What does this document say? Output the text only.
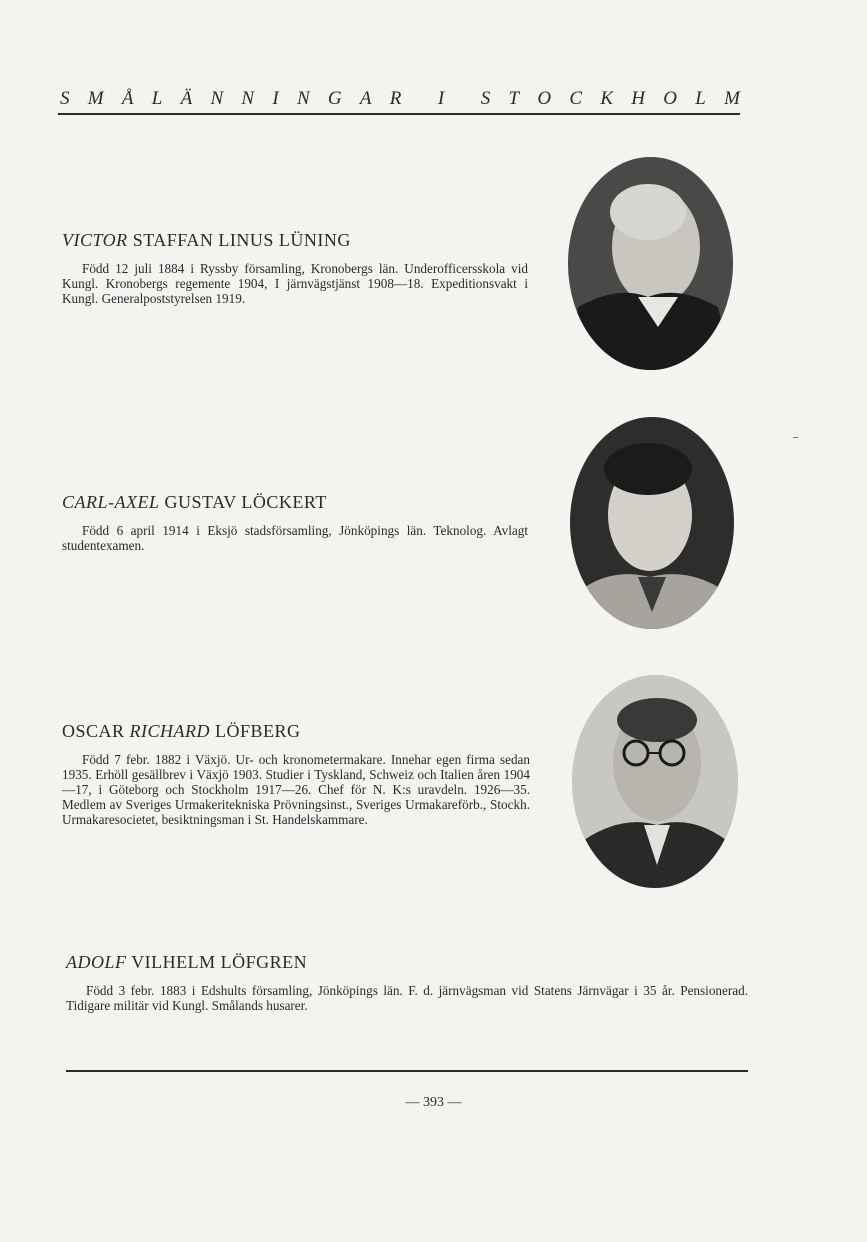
S M Å L Ä N N I N G A R I S T O C K H O L M

VICTOR STAFFAN LINUS LÜNING

Född 12 juli 1884 i Ryssby församling, Kronobergs län. Underofficersskola vid Kungl. Kronobergs regemente 1904, I järnvägstjänst 1908—18. Expeditionsvakt i Kungl. Generalpoststyrelsen 1919.

CARL-AXEL GUSTAV LÖCKERT

Född 6 april 1914 i Eksjö stadsförsamling, Jönköpings län. Teknolog. Avlagt studentexamen.

OSCAR RICHARD LÖFBERG

Född 7 febr. 1882 i Växjö. Ur- och kronometermakare. Innehar egen firma sedan 1935. Erhöll gesällbrev i Växjö 1903. Studier i Tyskland, Schweiz och Italien åren 1904—17, i Göteborg och Stockholm 1917—26. Chef för N. K:s uravdeln. 1926—35. Medlem av Sveriges Urmakeritekniska Prövningsinst., Sveriges Urmakareförb., Stockh. Urmakaresocietet, besiktningsman i St. Handelskammare.

ADOLF VILHELM LÖFGREN

Född 3 febr. 1883 i Edshults församling, Jönköpings län. F. d. järnvägsman vid Statens Järnvägar i 35 år. Pensionerad. Tidigare militär vid Kungl. Smålands husarer.

— 393 —
